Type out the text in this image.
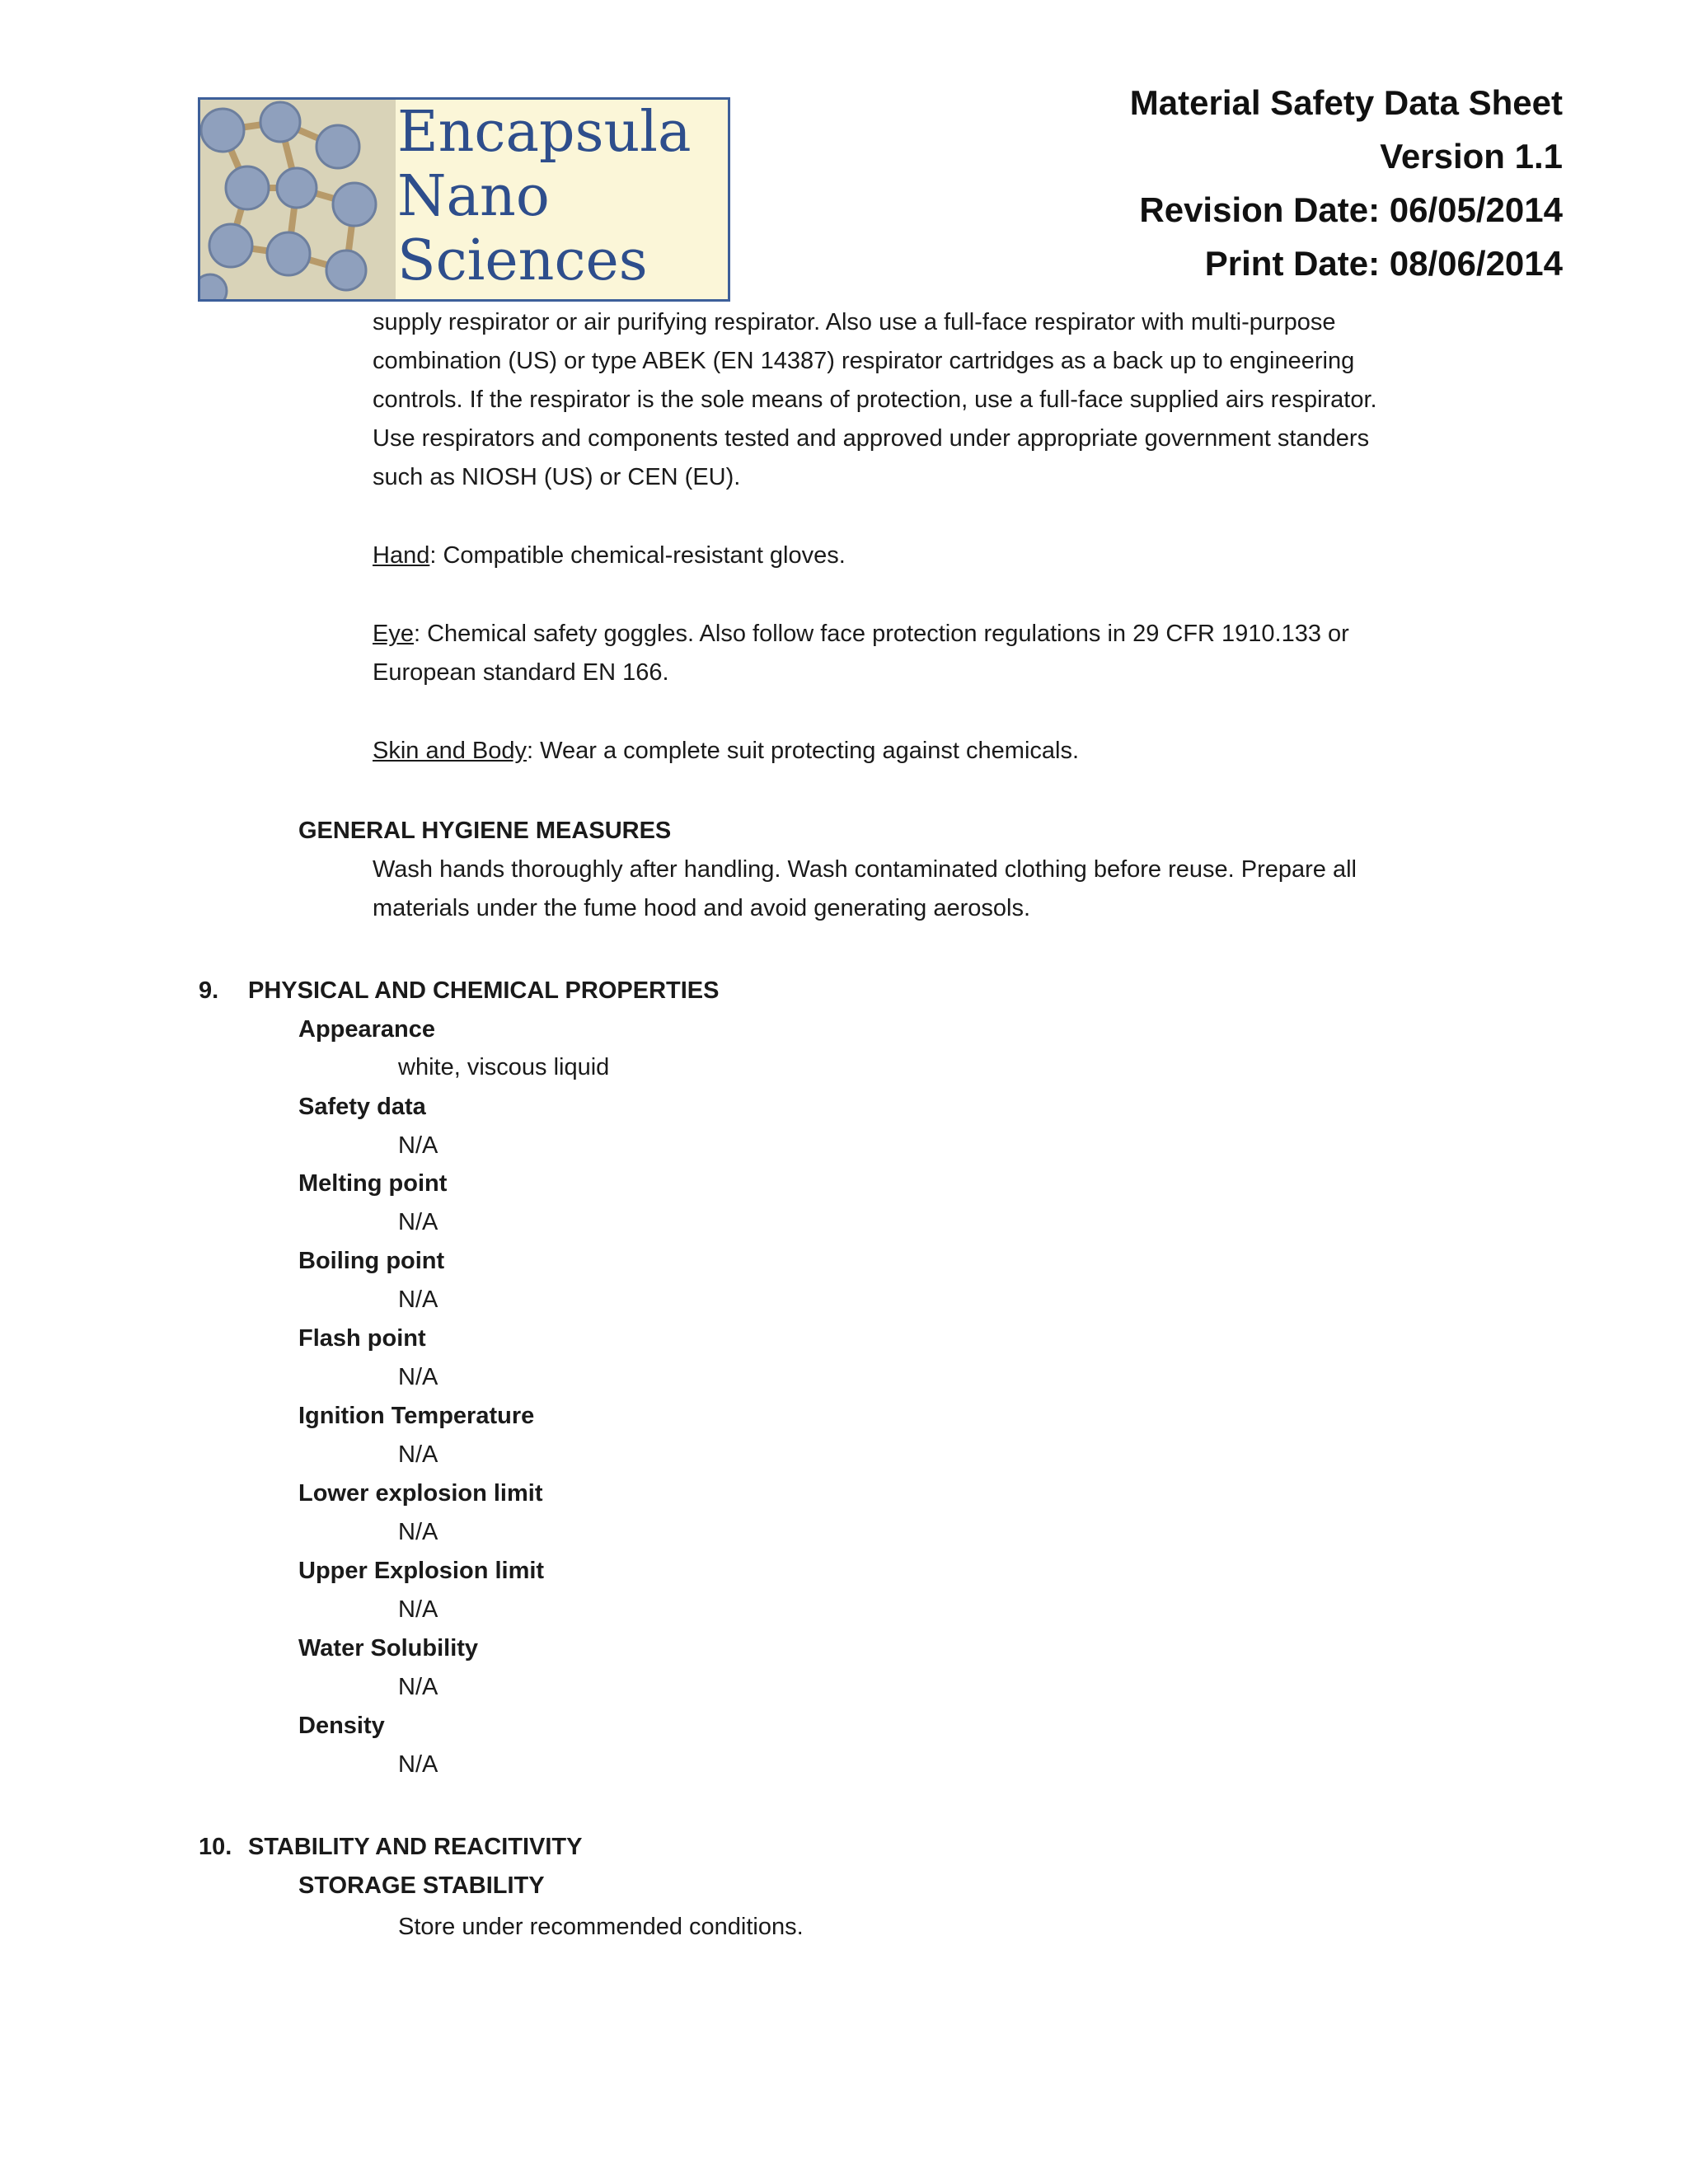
Encapsula
Nano
Sciences
Material Safety Data Sheet
Version 1.1
Revision Date: 06/05/2014
Print Date: 08/06/2014
supply respirator or air purifying respirator. Also use a full-face respirator with multi-purpose
combination (US) or type ABEK (EN 14387) respirator cartridges as a back up to engineering
controls. If the respirator is the sole means of protection, use a full-face supplied airs respirator.
Use respirators and components tested and approved under appropriate government standers
such as NIOSH (US) or CEN (EU).
Hand: Compatible chemical-resistant gloves.
Eye: Chemical safety goggles. Also follow face protection regulations in 29 CFR 1910.133 or
European standard EN 166.
Skin and Body: Wear a complete suit protecting against chemicals.
GENERAL HYGIENE MEASURES
Wash hands thoroughly after handling. Wash contaminated clothing before reuse. Prepare all
materials under the fume hood and avoid generating aerosols.
9. PHYSICAL AND CHEMICAL PROPERTIES
Appearance
white, viscous liquid
Safety data
N/A
Melting point
N/A
Boiling point
N/A
Flash point
N/A
Ignition Temperature
N/A
Lower explosion limit
N/A
Upper Explosion limit
N/A
Water Solubility
N/A
Density
N/A
10. STABILITY AND REACITIVITY
STORAGE STABILITY
Store under recommended conditions.
